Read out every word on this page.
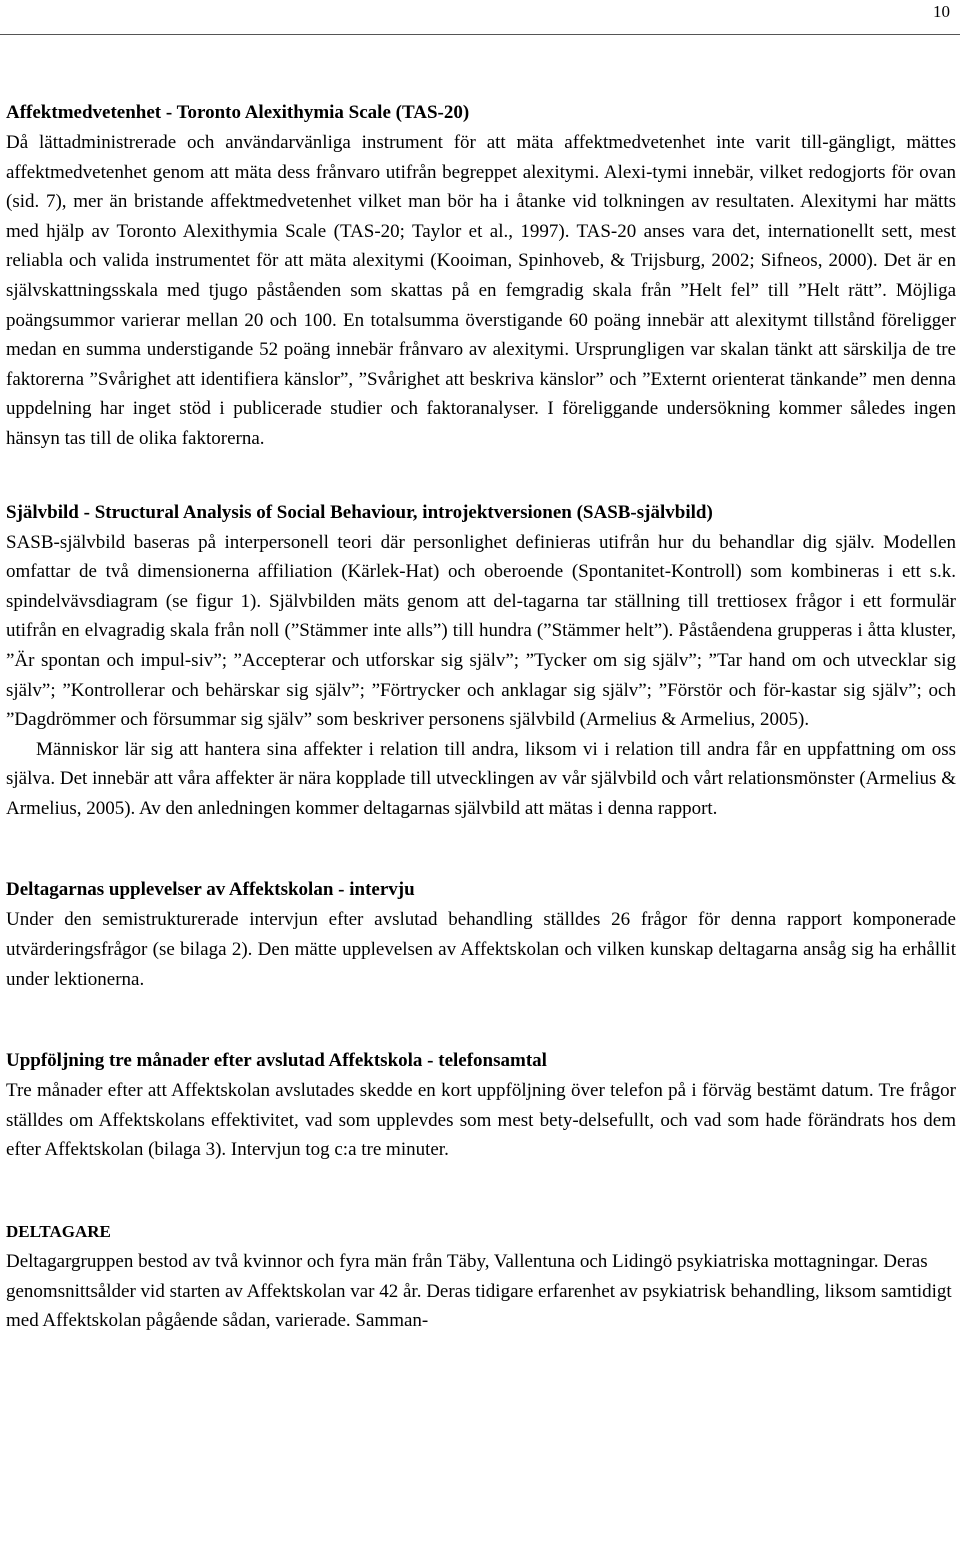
10

Affektmedvetenhet - Toronto Alexithymia Scale (TAS-20)

Då lättadministrerade och användarvänliga instrument för att mäta affektmedvetenhet inte varit till-gängligt, mättes affektmedvetenhet genom att mäta dess frånvaro utifrån begreppet alexitymi. Alexi-tymi innebär, vilket redogjorts för ovan (sid. 7), mer än bristande affektmedvetenhet vilket man bör ha i åtanke vid tolkningen av resultaten. Alexitymi har mätts med hjälp av Toronto Alexithymia Scale (TAS-20; Taylor et al., 1997). TAS-20 anses vara det, internationellt sett, mest reliabla och valida instrumentet för att mäta alexitymi (Kooiman, Spinhoveb, & Trijsburg, 2002; Sifneos, 2000). Det är en självskattningsskala med tjugo påståenden som skattas på en femgradig skala från ”Helt fel” till ”Helt rätt”. Möjliga poängsummor varierar mellan 20 och 100. En totalsumma överstigande 60 poäng innebär att alexitymt tillstånd föreligger medan en summa understigande 52 poäng innebär frånvaro av alexitymi. Ursprungligen var skalan tänkt att särskilja de tre faktorerna ”Svårighet att identifiera känslor”, ”Svårighet att beskriva känslor” och ”Externt orienterat tänkande” men denna uppdelning har inget stöd i publicerade studier och faktoranalyser. I föreliggande undersökning kommer således ingen hänsyn tas till de olika faktorerna.

Självbild - Structural Analysis of Social Behaviour, introjektversionen (SASB-självbild)

SASB-självbild baseras på interpersonell teori där personlighet definieras utifrån hur du behandlar dig själv. Modellen omfattar de två dimensionerna affiliation (Kärlek-Hat) och oberoende (Spontanitet-Kontroll) som kombineras i ett s.k. spindelvävsdiagram (se figur 1). Självbilden mäts genom att del-tagarna tar ställning till trettiosex frågor i ett formulär utifrån en elvagradig skala från noll (”Stämmer inte alls”) till hundra (”Stämmer helt”). Påståendena grupperas i åtta kluster, ”Är spontan och impul-siv”; ”Accepterar och utforskar sig själv”; ”Tycker om sig själv”; ”Tar hand om och utvecklar sig själv”; ”Kontrollerar och behärskar sig själv”; ”Förtrycker och anklagar sig själv”; ”Förstör och för-kastar sig själv”; och ”Dagdrömmer och försummar sig själv” som beskriver personens självbild (Armelius & Armelius, 2005).

Människor lär sig att hantera sina affekter i relation till andra, liksom vi i relation till andra får en uppfattning om oss själva. Det innebär att våra affekter är nära kopplade till utvecklingen av vår självbild och vårt relationsmönster (Armelius & Armelius, 2005). Av den anledningen kommer deltagarnas självbild att mätas i denna rapport.

Deltagarnas upplevelser av Affektskolan - intervju

Under den semistrukturerade intervjun efter avslutad behandling ställdes 26 frågor för denna rapport komponerade utvärderingsfrågor (se bilaga 2). Den mätte upplevelsen av Affektskolan och vilken kunskap deltagarna ansåg sig ha erhållit under lektionerna.

Uppföljning tre månader efter avslutad Affektskola - telefonsamtal

Tre månader efter att Affektskolan avslutades skedde en kort uppföljning över telefon på i förväg bestämt datum. Tre frågor ställdes om Affektskolans effektivitet, vad som upplevdes som mest bety-delsefullt, och vad som hade förändrats hos dem efter Affektskolan (bilaga 3). Intervjun tog c:a tre minuter.

DELTAGARE

Deltagargruppen bestod av två kvinnor och fyra män från Täby, Vallentuna och Lidingö psykiatriska mottagningar. Deras genomsnittsålder vid starten av Affektskolan var 42 år. Deras tidigare erfarenhet av psykiatrisk behandling, liksom samtidigt med Affektskolan pågående sådan, varierade. Samman-
